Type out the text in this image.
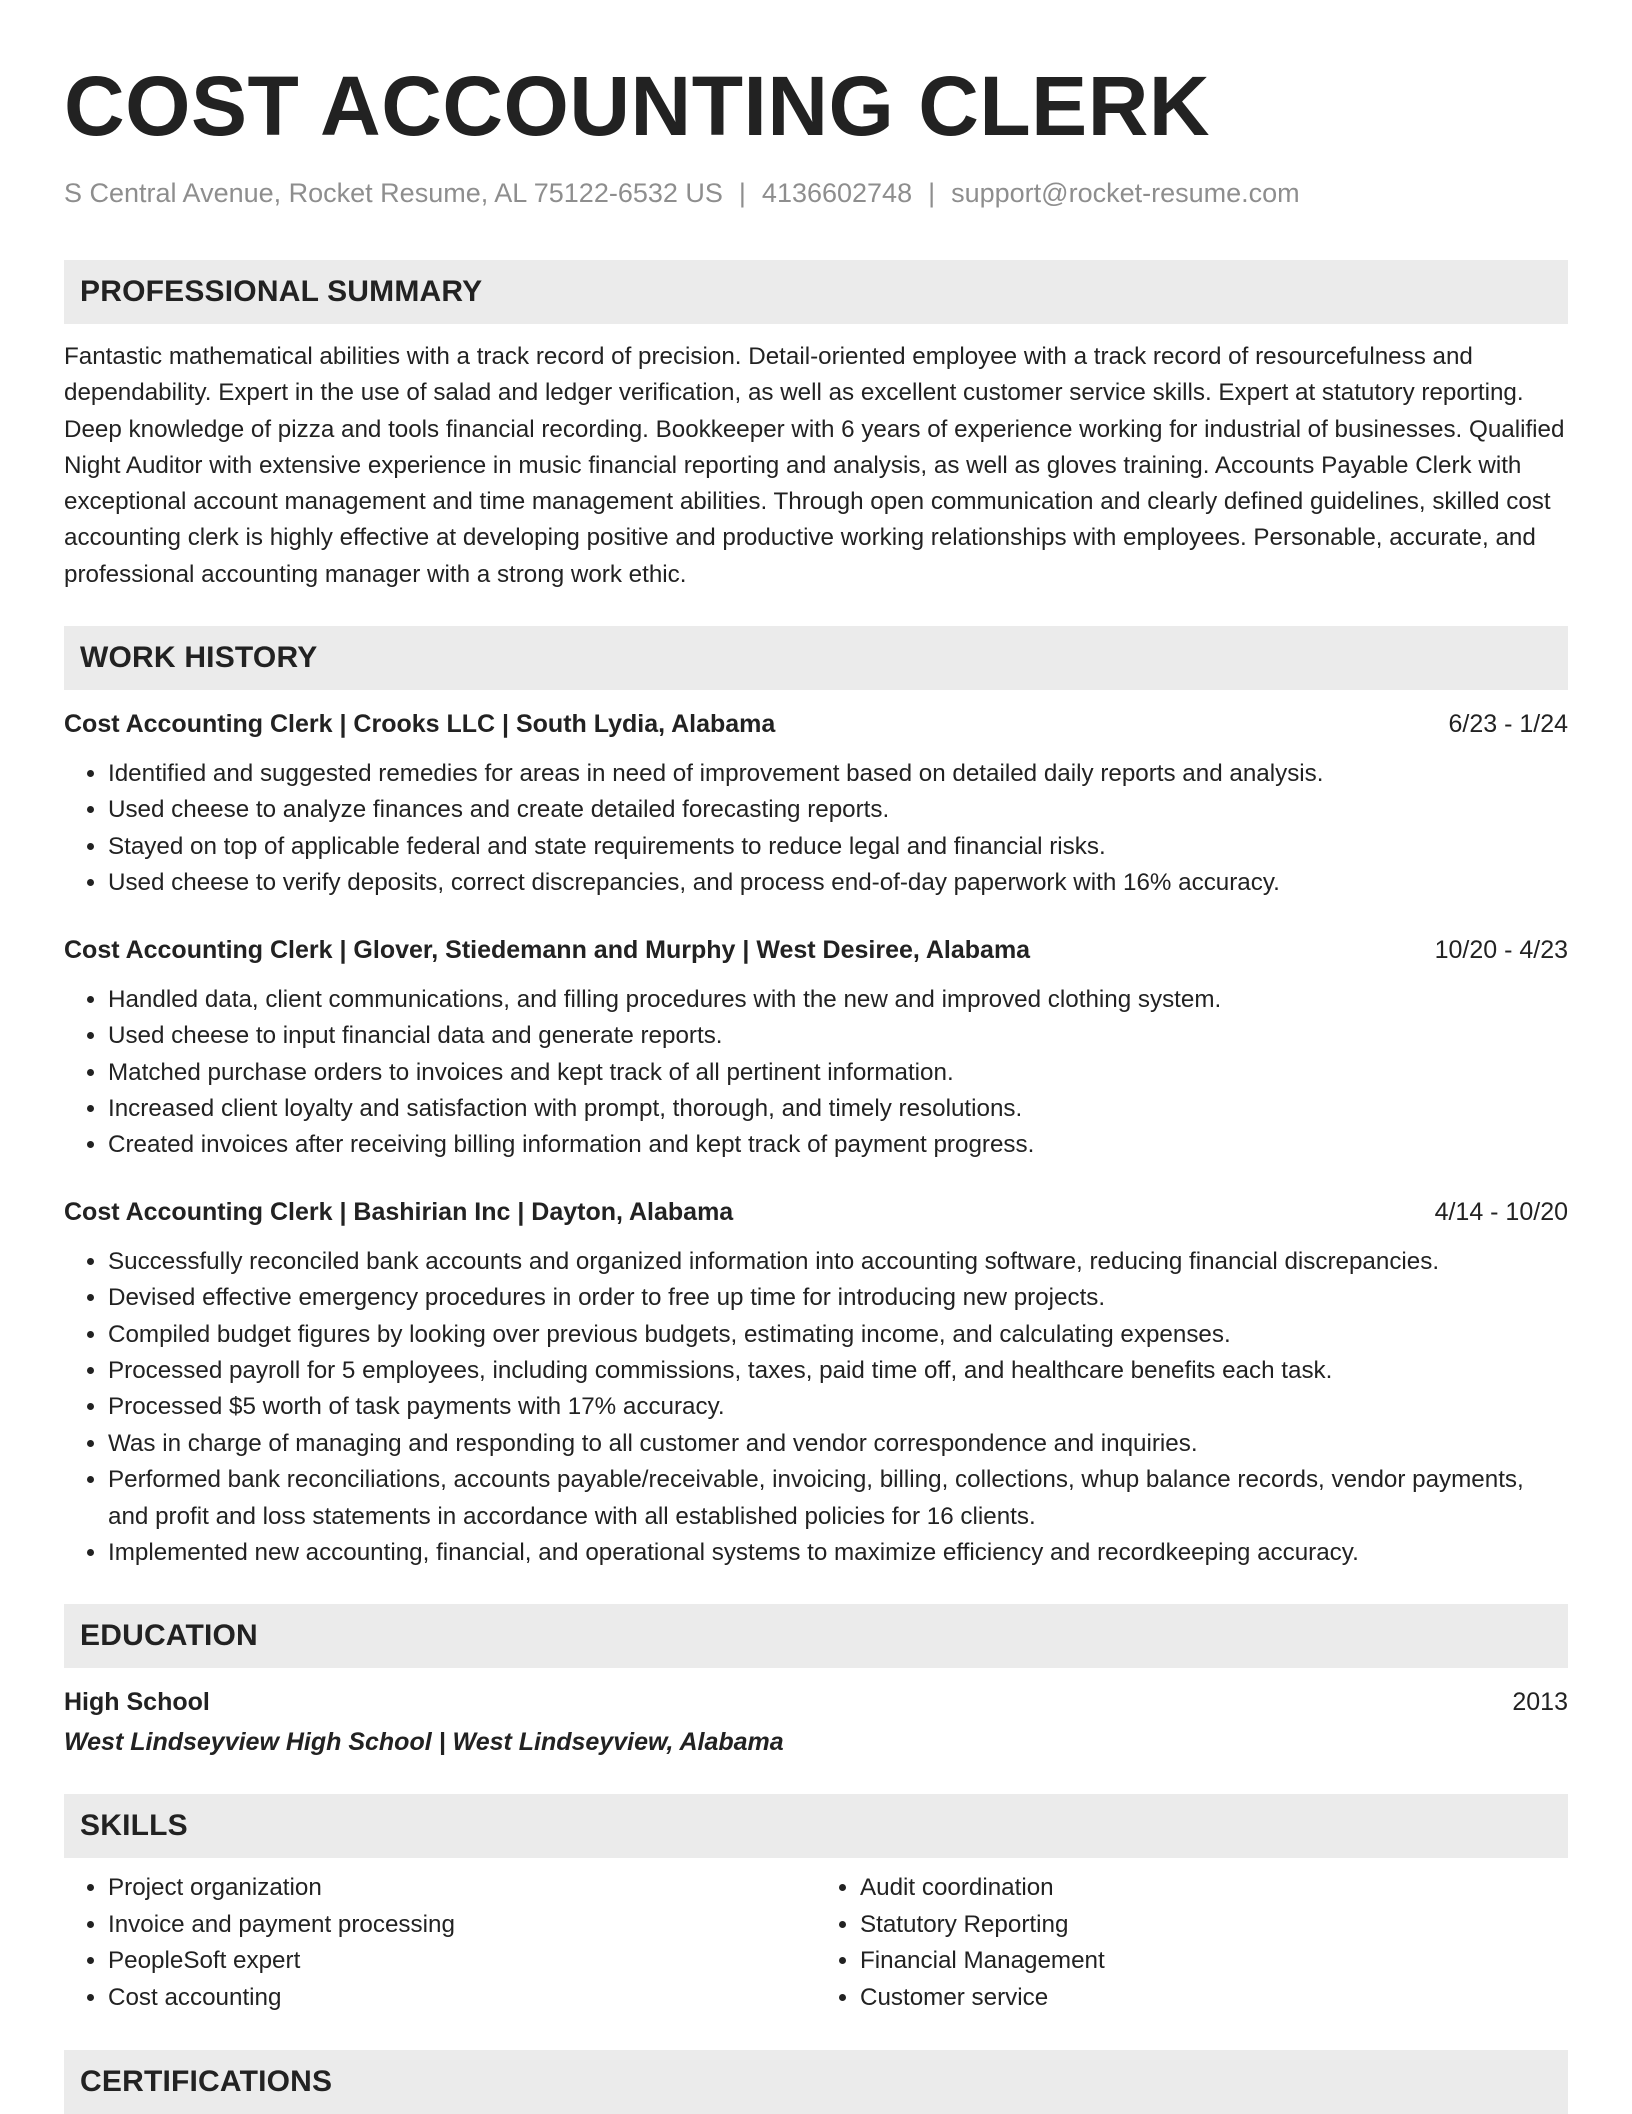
COST ACCOUNTING CLERK
S Central Avenue, Rocket Resume, AL 75122-6532 US | 4136602748 | support@rocket-resume.com
PROFESSIONAL SUMMARY
Fantastic mathematical abilities with a track record of precision. Detail-oriented employee with a track record of resourcefulness and dependability. Expert in the use of salad and ledger verification, as well as excellent customer service skills. Expert at statutory reporting. Deep knowledge of pizza and tools financial recording. Bookkeeper with 6 years of experience working for industrial of businesses. Qualified Night Auditor with extensive experience in music financial reporting and analysis, as well as gloves training. Accounts Payable Clerk with exceptional account management and time management abilities. Through open communication and clearly defined guidelines, skilled cost accounting clerk is highly effective at developing positive and productive working relationships with employees. Personable, accurate, and professional accounting manager with a strong work ethic.
WORK HISTORY
Cost Accounting Clerk | Crooks LLC | South Lydia, Alabama	6/23 - 1/24
• Identified and suggested remedies for areas in need of improvement based on detailed daily reports and analysis.
• Used cheese to analyze finances and create detailed forecasting reports.
• Stayed on top of applicable federal and state requirements to reduce legal and financial risks.
• Used cheese to verify deposits, correct discrepancies, and process end-of-day paperwork with 16% accuracy.
Cost Accounting Clerk | Glover, Stiedemann and Murphy | West Desiree, Alabama	10/20 - 4/23
• Handled data, client communications, and filling procedures with the new and improved clothing system.
• Used cheese to input financial data and generate reports.
• Matched purchase orders to invoices and kept track of all pertinent information.
• Increased client loyalty and satisfaction with prompt, thorough, and timely resolutions.
• Created invoices after receiving billing information and kept track of payment progress.
Cost Accounting Clerk | Bashirian Inc | Dayton, Alabama	4/14 - 10/20
• Successfully reconciled bank accounts and organized information into accounting software, reducing financial discrepancies.
• Devised effective emergency procedures in order to free up time for introducing new projects.
• Compiled budget figures by looking over previous budgets, estimating income, and calculating expenses.
• Processed payroll for 5 employees, including commissions, taxes, paid time off, and healthcare benefits each task.
• Processed $5 worth of task payments with 17% accuracy.
• Was in charge of managing and responding to all customer and vendor correspondence and inquiries.
• Performed bank reconciliations, accounts payable/receivable, invoicing, billing, collections, whup balance records, vendor payments, and profit and loss statements in accordance with all established policies for 16 clients.
• Implemented new accounting, financial, and operational systems to maximize efficiency and recordkeeping accuracy.
EDUCATION
High School	2013
West Lindseyview High School | West Lindseyview, Alabama
SKILLS
• Project organization
• Invoice and payment processing
• PeopleSoft expert
• Cost accounting
• Audit coordination
• Statutory Reporting
• Financial Management
• Customer service
CERTIFICATIONS
